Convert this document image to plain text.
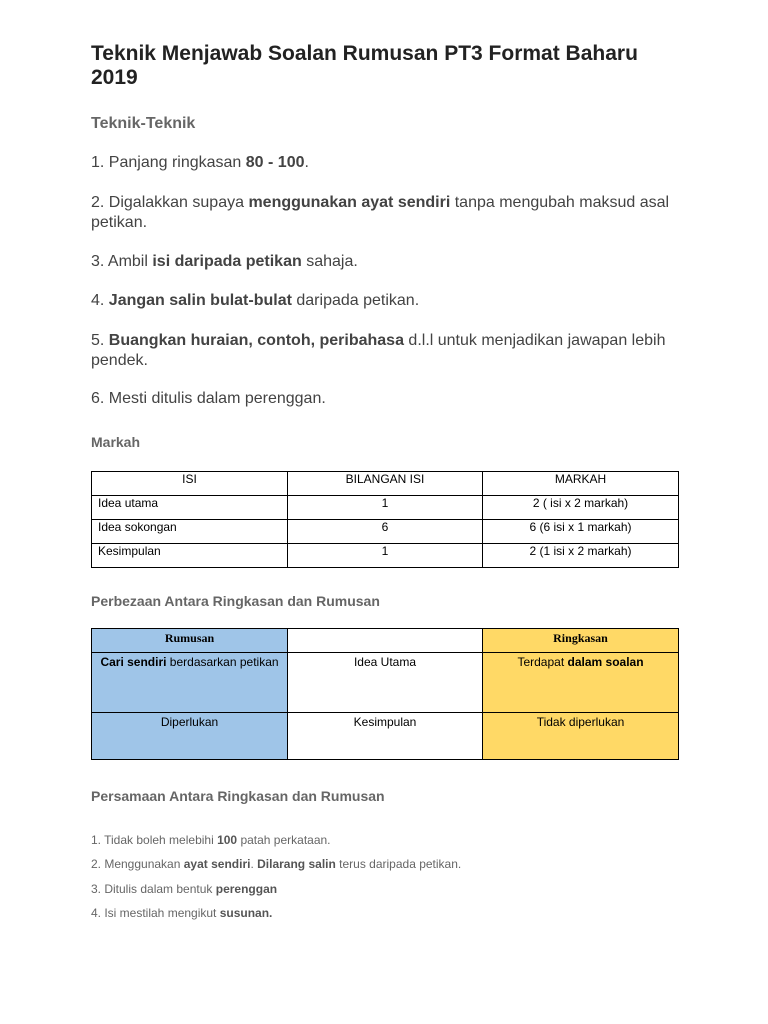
Teknik Menjawab Soalan Rumusan PT3 Format Baharu 2019
Teknik-Teknik

1. Panjang ringkasan 80 - 100.

2. Digalakkan supaya menggunakan ayat sendiri tanpa mengubah maksud asal petikan.

3. Ambil isi daripada petikan sahaja.

4. Jangan salin bulat-bulat daripada petikan.

5. Buangkan huraian, contoh, peribahasa d.l.l untuk menjadikan jawapan lebih pendek.

6. Mesti ditulis dalam perenggan.

Markah
ISI	BILANGAN ISI	MARKAH
Idea utama	1	2 ( isi x 2 markah)
Idea sokongan	6	6 (6 isi x 1 markah)
Kesimpulan	1	2 (1 isi x 2 markah)
Perbezaan Antara Ringkasan dan Rumusan
Rumusan		Ringkasan
Cari sendiri berdasarkan petikan	Idea Utama	Terdapat dalam soalan
Diperlukan	Kesimpulan	Tidak diperlukan
Persamaan Antara Ringkasan dan Rumusan

1. Tidak boleh melebihi 100 patah perkataan.

2. Menggunakan ayat sendiri. Dilarang salin terus daripada petikan.

3. Ditulis dalam bentuk perenggan

4. Isi mestilah mengikut susunan.
